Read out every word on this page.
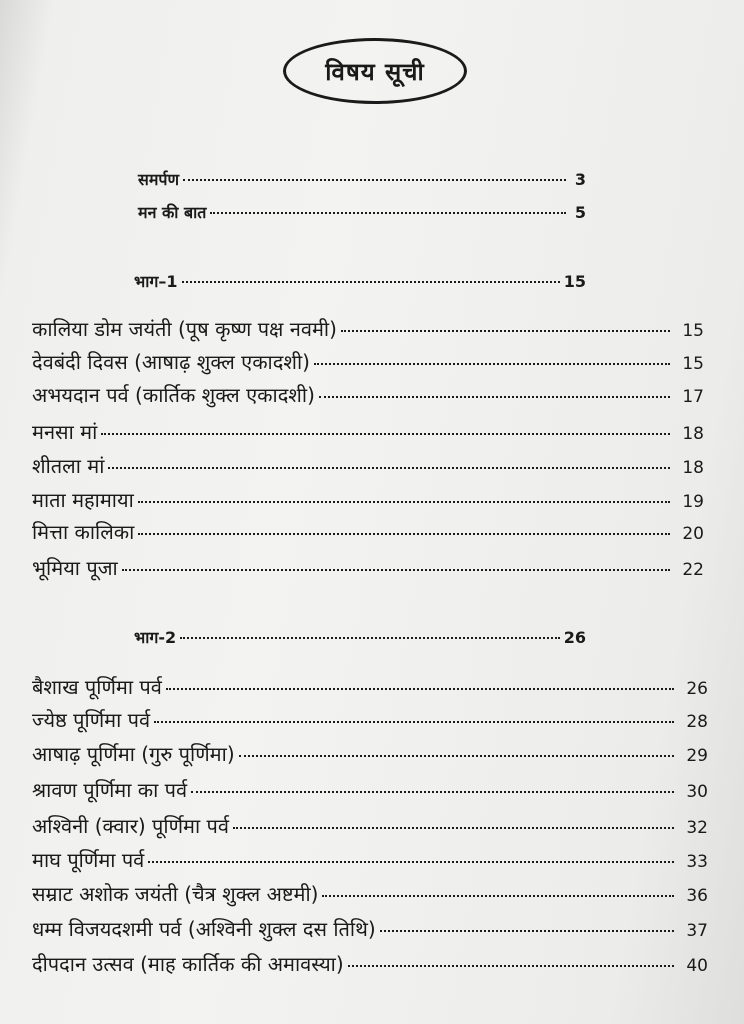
विषय सूची
समर्पण	3
मन की बात	5
भाग–1	15
कालिया डोम जयंती (पूष कृष्ण पक्ष नवमी)	15
देवबंदी दिवस (आषाढ़ शुक्ल एकादशी)	15
अभयदान पर्व (कार्तिक शुक्ल एकादशी)	17
मनसा मां	18
शीतला मां	18
माता महामाया	19
मित्ता कालिका	20
भूमिया पूजा	22
भाग-2	26
बैशाख पूर्णिमा पर्व	26
ज्येष्ठ पूर्णिमा पर्व	28
आषाढ़ पूर्णिमा (गुरु पूर्णिमा)	29
श्रावण पूर्णिमा का पर्व	30
अश्विनी (क्वार) पूर्णिमा पर्व	32
माघ पूर्णिमा पर्व	33
सम्राट अशोक जयंती (चैत्र शुक्ल अष्टमी)	36
धम्म विजयदशमी पर्व (अश्विनी शुक्ल दस तिथि)	37
दीपदान उत्सव (माह कार्तिक की अमावस्या)	40
